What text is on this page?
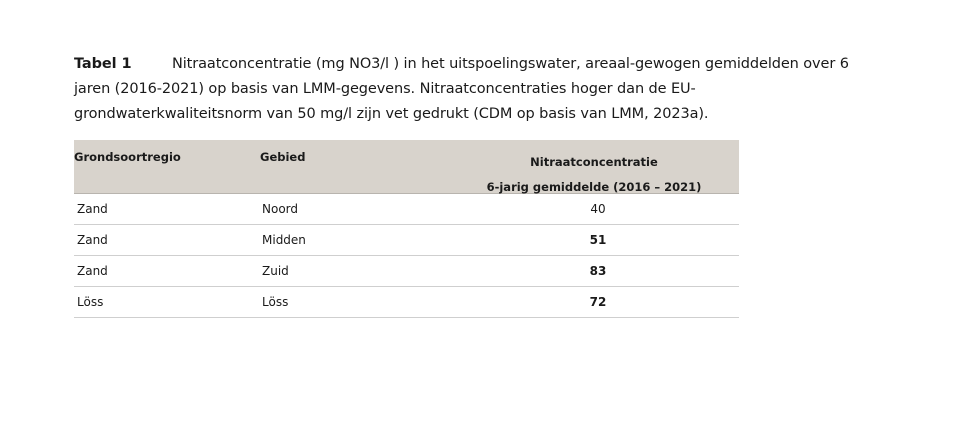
Tabel 1	Nitraatconcentratie (mg NO3/l ) in het uitspoelingswater, areaal-gewogen gemiddelden over 6 jaren (2016-2021) op basis van LMM-gegevens. Nitraatconcentraties hoger dan de EU-grondwaterkwaliteitsnorm van 50 mg/l zijn vet gedrukt (CDM op basis van LMM, 2023a).
Grondsoortregio	Gebied	Nitraatconcentratie
6-jarig gemiddelde (2016 – 2021)
Zand	Noord	40
Zand	Midden	51
Zand	Zuid	83
Löss	Löss	72
